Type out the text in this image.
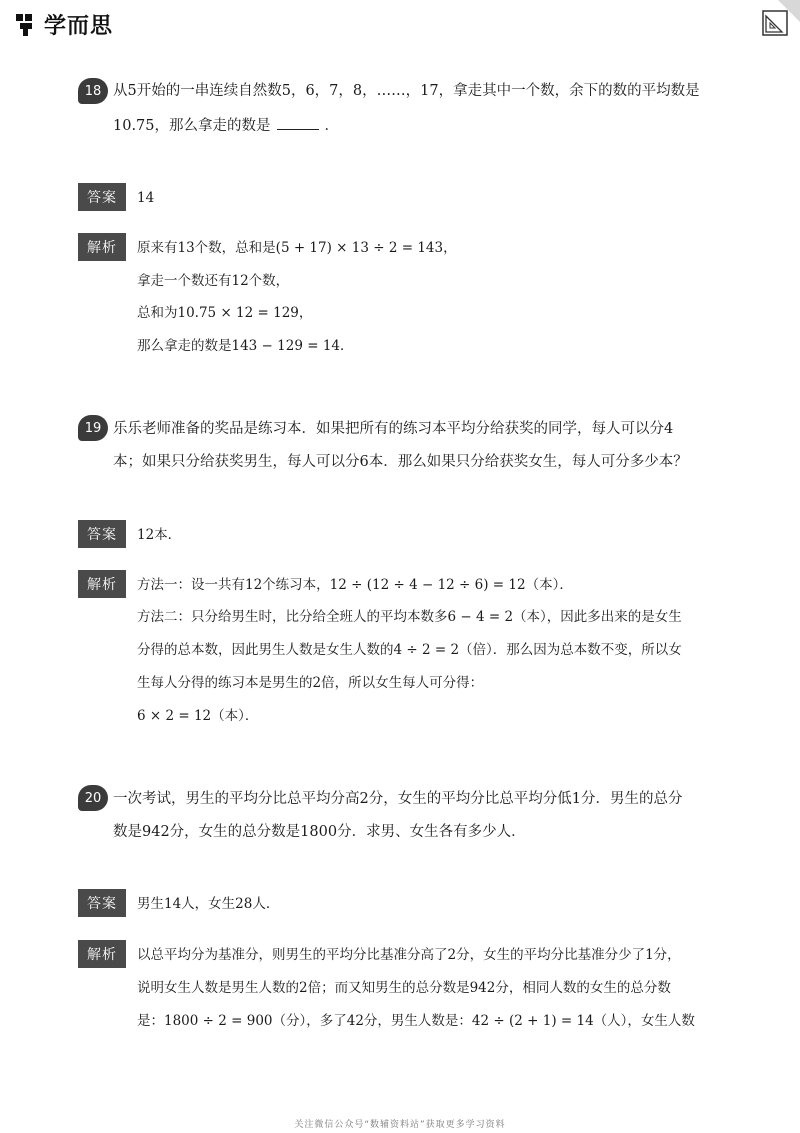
学而思
18 从5开始的一串连续自然数5，6，7，8，……，17，拿走其中一个数，余下的数的平均数是
10.75，那么拿走的数是	．
答案	14
解析	原来有13个数，总和是(5 + 17) × 13 ÷ 2 = 143，
拿走一个数还有12个数，
总和为10.75 × 12 = 129，
那么拿走的数是143 − 129 = 14．
19 乐乐老师准备的奖品是练习本．如果把所有的练习本平均分给获奖的同学，每人可以分4
本；如果只分给获奖男生，每人可以分6本．那么如果只分给获奖女生，每人可分多少本？
答案	12本．
解析	方法一：设一共有12个练习本，12 ÷ (12 ÷ 4 − 12 ÷ 6) = 12（本）．
方法二：只分给男生时，比分给全班人的平均本数多6 − 4 = 2（本），因此多出来的是女生
分得的总本数，因此男生人数是女生人数的4 ÷ 2 = 2（倍）．那么因为总本数不变，所以女
生每人分得的练习本是男生的2倍，所以女生每人可分得：
6 × 2 = 12（本）．
20 一次考试，男生的平均分比总平均分高2分，女生的平均分比总平均分低1分．男生的总分
数是942分，女生的总分数是1800分．求男、女生各有多少人．
答案	男生14人，女生28人．
解析	以总平均分为基准分，则男生的平均分比基准分高了2分，女生的平均分比基准分少了1分，
说明女生人数是男生人数的2倍；而又知男生的总分数是942分，相同人数的女生的总分数
是：1800 ÷ 2 = 900（分），多了42分，男生人数是：42 ÷ (2 + 1) = 14（人），女生人数
关注微信公众号“数辅资料站”获取更多学习资料
